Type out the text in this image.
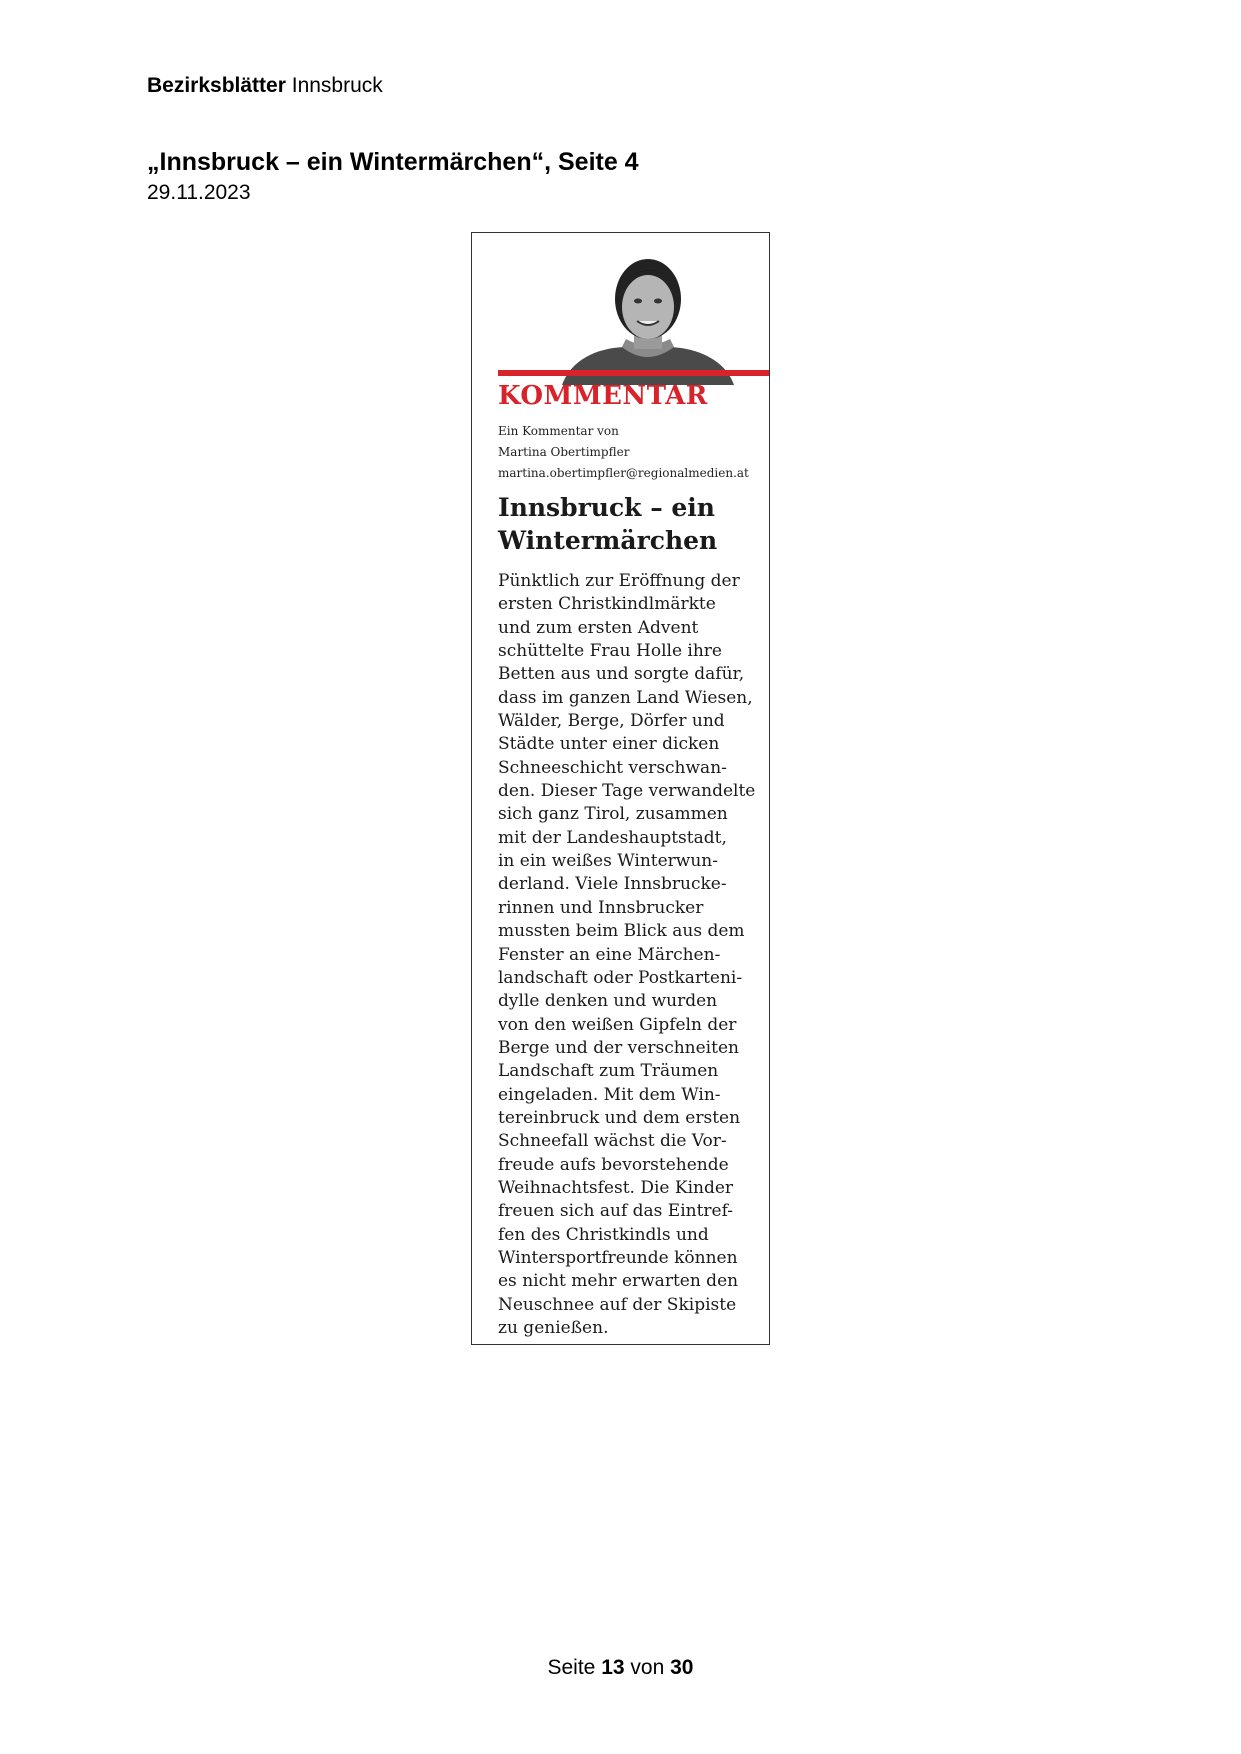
Bezirksblätter Innsbruck
„Innsbruck – ein Wintermärchen“, Seite 4
29.11.2023
KOMMENTAR
Ein Kommentar von
Martina Obertimpfler
martina.obertimpfler@regionalmedien.at
Innsbruck – ein
Wintermärchen
Pünktlich zur Eröffnung der
ersten Christkindlmärkte
und zum ersten Advent
schüttelte Frau Holle ihre
Betten aus und sorgte dafür,
dass im ganzen Land Wiesen,
Wälder, Berge, Dörfer und
Städte unter einer dicken
Schneeschicht verschwan-
den. Dieser Tage verwandelte
sich ganz Tirol, zusammen
mit der Landeshauptstadt,
in ein weißes Winterwun-
derland. Viele Innsbrucke-
rinnen und Innsbrucker
mussten beim Blick aus dem
Fenster an eine Märchen-
landschaft oder Postkarteni-
dylle denken und wurden
von den weißen Gipfeln der
Berge und der verschneiten
Landschaft zum Träumen
eingeladen. Mit dem Win-
tereinbruck und dem ersten
Schneefall wächst die Vor-
freude aufs bevorstehende
Weihnachtsfest. Die Kinder
freuen sich auf das Eintref-
fen des Christkindls und
Wintersportfreunde können
es nicht mehr erwarten den
Neuschnee auf der Skipiste
zu genießen.
Seite 13 von 30
